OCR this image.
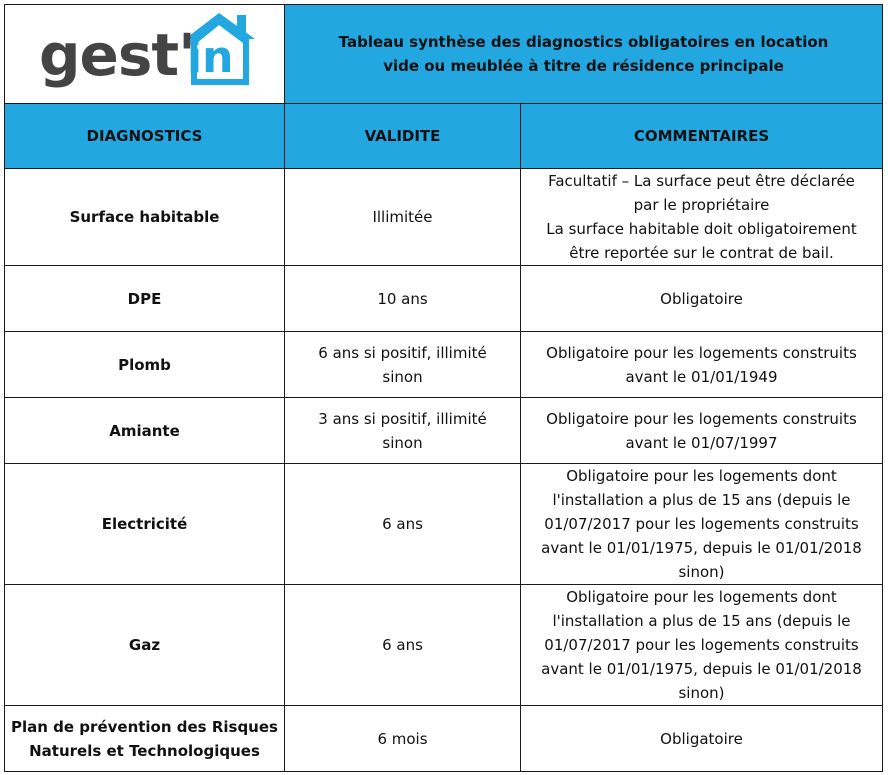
gest'
in	Tableau synthèse des diagnostics obligatoires en location
vide ou meublée à titre de résidence principale	

DIAGNOSTICS	VALIDITE	COMMENTAIRES

Surface habitable	Illimitée	Facultatif – La surface peut être déclarée
par le propriétaire
La surface habitable doit obligatoirement
être reportée sur le contrat de bail.

DPE	10 ans	Obligatoire

Plomb	6 ans si positif, illimité
sinon	Obligatoire pour les logements construits
avant le 01/01/1949

Amiante	3 ans si positif, illimité
sinon	Obligatoire pour les logements construits
avant le 01/07/1997

Electricité	6 ans	Obligatoire pour les logements dont
l'installation a plus de 15 ans (depuis le
01/07/2017 pour les logements construits
avant le 01/01/1975, depuis le 01/01/2018
sinon)

Gaz	6 ans	Obligatoire pour les logements dont
l'installation a plus de 15 ans (depuis le
01/07/2017 pour les logements construits
avant le 01/01/1975, depuis le 01/01/2018
sinon)

Plan de prévention des Risques
Naturels et Technologiques	6 mois	Obligatoire
